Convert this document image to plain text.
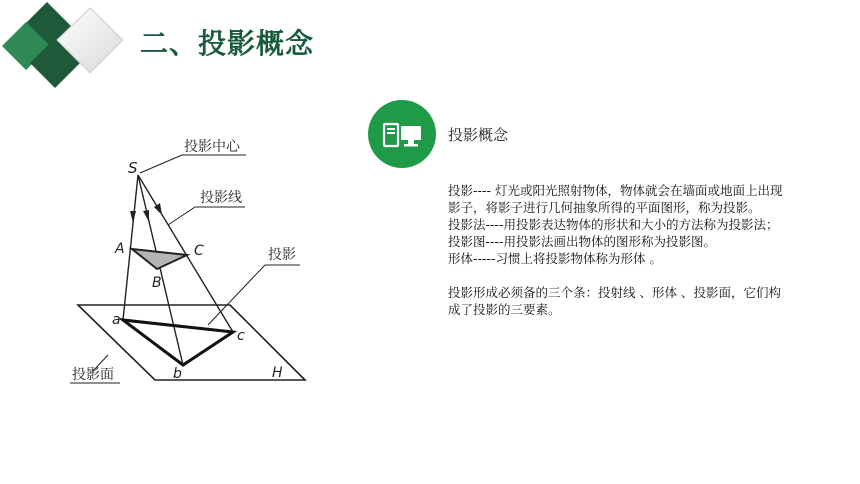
二、投影概念
投影中心
投影线
投影
投影面
S
A
B
C
a
b
c
H
投影概念

投影---- 灯光或阳光照射物体，物体就会在墙面或地面上出现影子，将影子进行几何抽象所得的平面图形，称为投影。

投影法----用投影表达物体的形状和大小的方法称为投影法；

投影图----用投影法画出物体的图形称为投影图。

形体-----习惯上将投影物体称为形体 。

投影形成必须备的三个条：投射线 、形体 、投影面，它们构成了投影的三要素。
